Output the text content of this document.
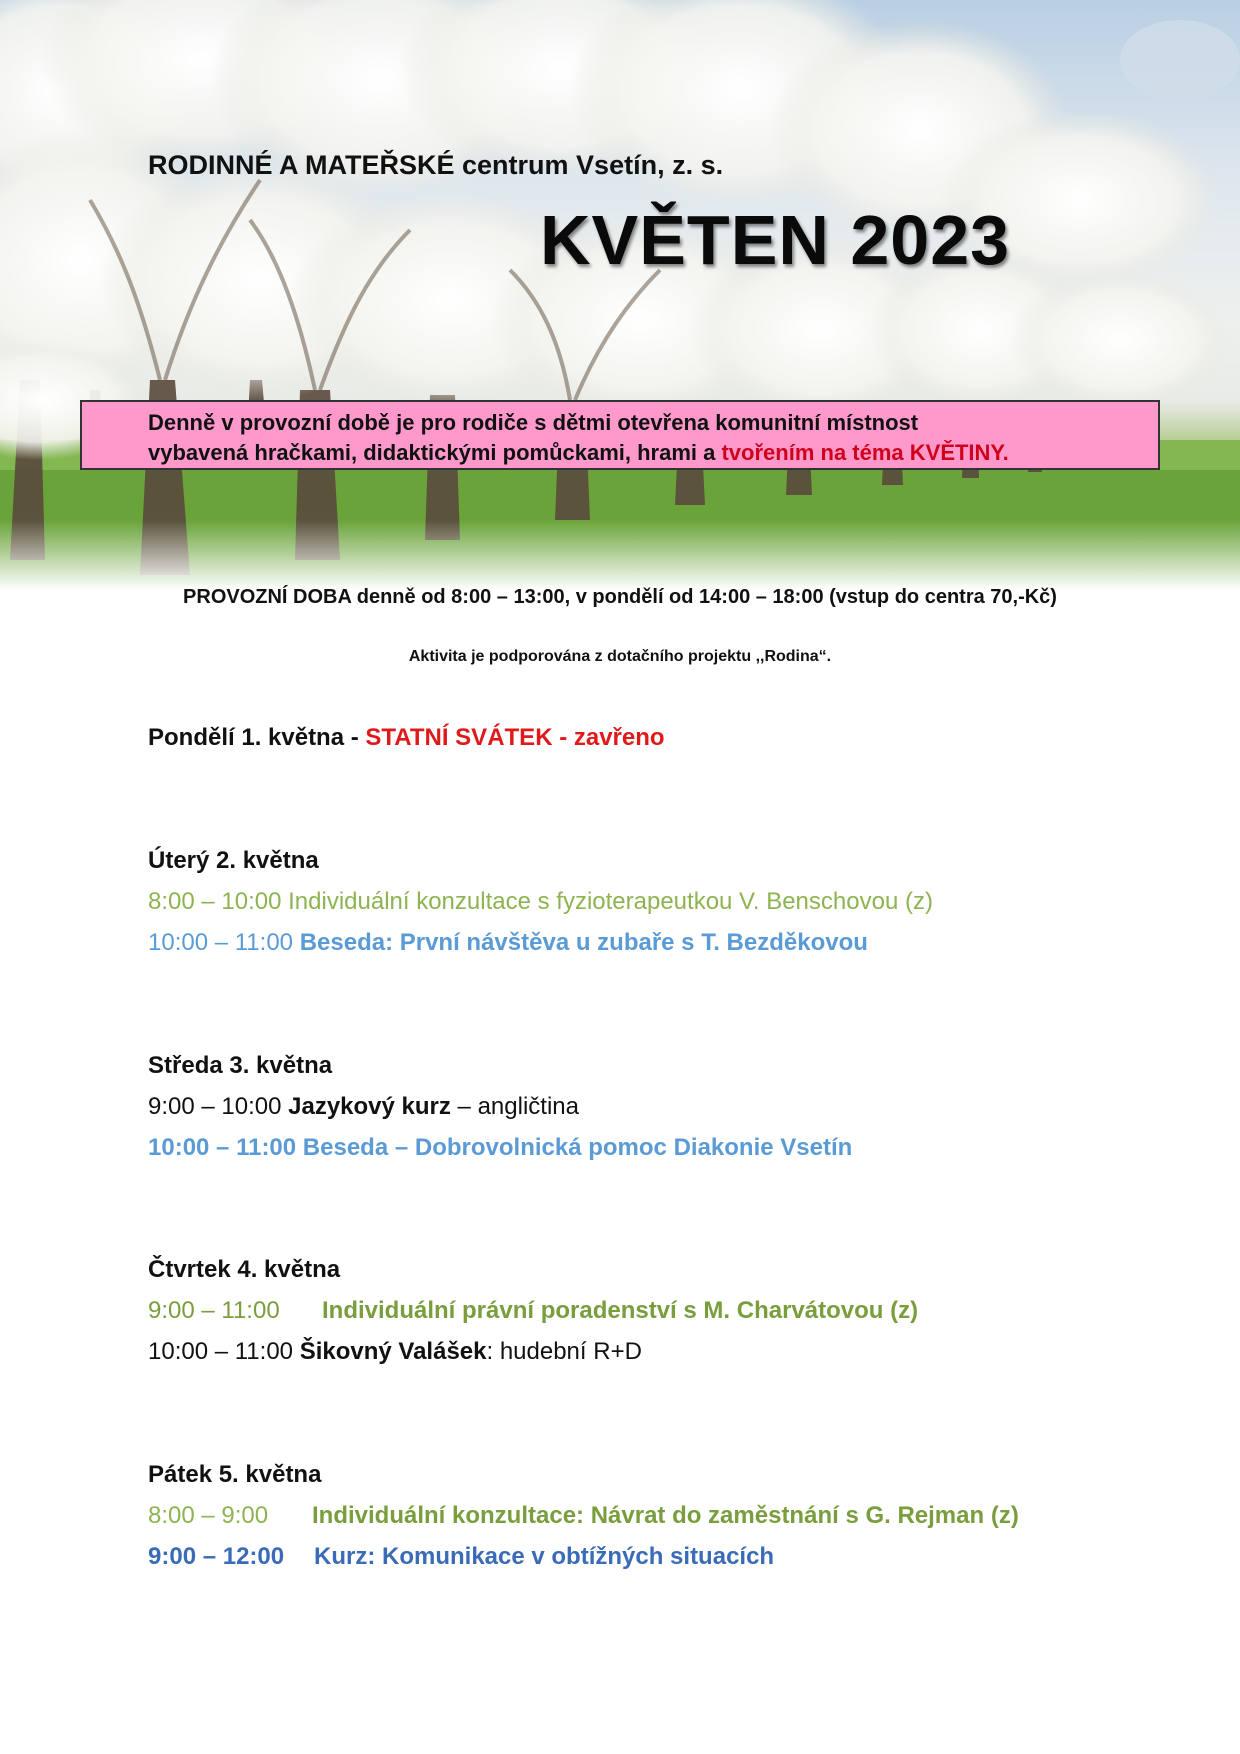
RODINNÉ A MATEŘSKÉ centrum Vsetín, z. s.
KVĚTEN 2023
Denně v provozní době je pro rodiče s dětmi otevřena komunitní místnost
vybavená hračkami, didaktickými pomůckami, hrami a tvořením na téma KVĚTINY.
PROVOZNÍ DOBA denně od 8:00 – 13:00, v pondělí od 14:00 – 18:00 (vstup do centra 70,-Kč)
Aktivita je podporována z dotačního projektu ,,Rodina“.
Pondělí 1. května - STATNÍ SVÁTEK - zavřeno
Úterý 2. května
8:00 – 10:00 Individuální konzultace s fyzioterapeutkou V. Benschovou (z)
10:00 – 11:00 Beseda: První návštěva u zubaře s T. Bezděkovou
Středa 3. května
9:00 – 10:00 Jazykový kurz – angličtina
10:00 – 11:00 Beseda – Dobrovolnická pomoc Diakonie Vsetín
Čtvrtek 4. května
9:00 – 11:00 Individuální právní poradenství s M. Charvátovou (z)
10:00 – 11:00 Šikovný Valášek: hudební R+D
Pátek 5. května
8:00 – 9:00 Individuální konzultace: Návrat do zaměstnání s G. Rejman (z)
9:00 – 12:00 Kurz: Komunikace v obtížných situacích
